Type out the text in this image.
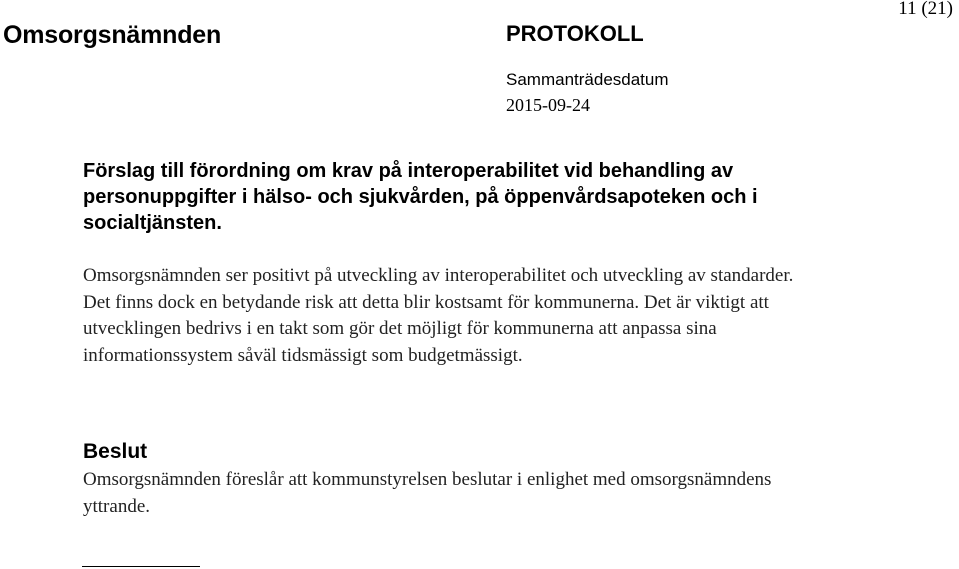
Omsorgsnämnden	PROTOKOLL
11 (21)
Sammanträdesdatum
2015-09-24
Förslag till förordning om krav på interoperabilitet vid behandling av personuppgifter i hälso- och sjukvården, på öppenvårdsapoteken och i socialtjänsten.
Omsorgsnämnden ser positivt på utveckling av interoperabilitet och utveckling av standarder. Det finns dock en betydande risk att detta blir kostsamt för kommunerna. Det är viktigt att utvecklingen bedrivs i en takt som gör det möjligt för kommunerna att anpassa sina informationssystem såväl tidsmässigt som budgetmässigt.
Beslut
Omsorgsnämnden föreslår att kommunstyrelsen beslutar i enlighet med omsorgsnämndens yttrande.
